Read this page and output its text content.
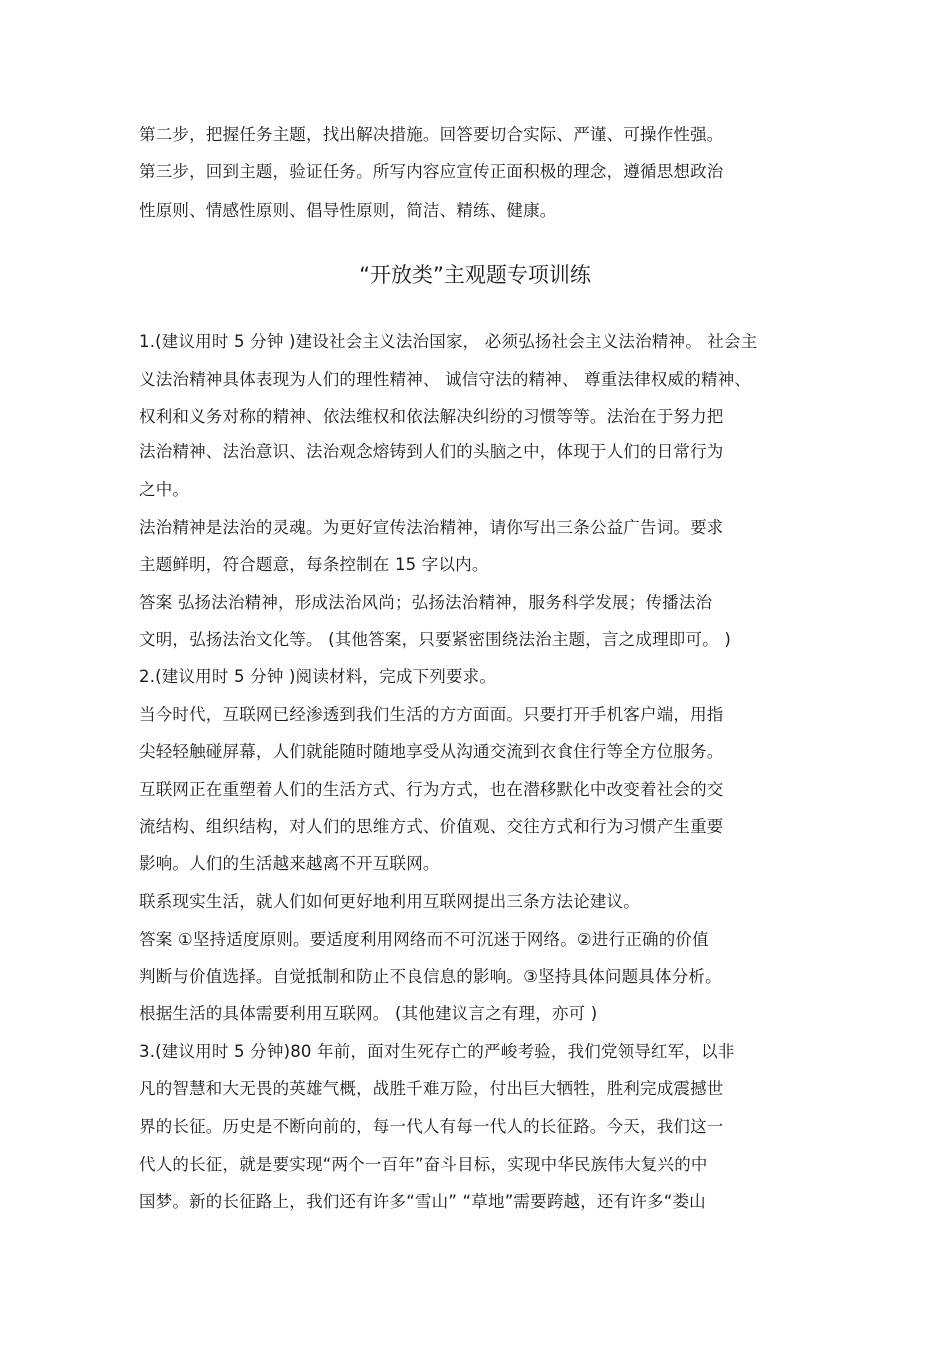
第二步，把握任务主题，找出解决措施。回答要切合实际、严谨、可操作性强。
第三步，回到主题，验证任务。所写内容应宣传正面积极的理念，遵循思想政治
性原则、情感性原则、倡导性原则，简洁、精练、健康。
“开放类”主观题专项训练
1.(建议用时 5 分钟 )建设社会主义法治国家， 必须弘扬社会主义法治精神。 社会主
义法治精神具体表现为人们的理性精神、 诚信守法的精神、 尊重法律权威的精神、
权利和义务对称的精神、依法维权和依法解决纠纷的习惯等等。法治在于努力把
法治精神、法治意识、法治观念熔铸到人们的头脑之中，体现于人们的日常行为
之中。
法治精神是法治的灵魂。为更好宣传法治精神，请你写出三条公益广告词。要求
主题鲜明，符合题意，每条控制在 15 字以内。
答案 弘扬法治精神，形成法治风尚；弘扬法治精神，服务科学发展；传播法治
文明，弘扬法治文化等。 (其他答案，只要紧密围绕法治主题，言之成理即可。 )
2.(建议用时 5 分钟 )阅读材料，完成下列要求。
当今时代，互联网已经渗透到我们生活的方方面面。只要打开手机客户端，用指
尖轻轻触碰屏幕，人们就能随时随地享受从沟通交流到衣食住行等全方位服务。
互联网正在重塑着人们的生活方式、行为方式，也在潜移默化中改变着社会的交
流结构、组织结构，对人们的思维方式、价值观、交往方式和行为习惯产生重要
影响。人们的生活越来越离不开互联网。
联系现实生活，就人们如何更好地利用互联网提出三条方法论建议。
答案 ①坚持适度原则。要适度利用网络而不可沉迷于网络。②进行正确的价值
判断与价值选择。自觉抵制和防止不良信息的影响。③坚持具体问题具体分析。
根据生活的具体需要利用互联网。 (其他建议言之有理，亦可 )
3.(建议用时 5 分钟)80 年前，面对生死存亡的严峻考验，我们党领导红军，以非
凡的智慧和大无畏的英雄气概，战胜千难万险，付出巨大牺牲，胜利完成震撼世
界的长征。历史是不断向前的，每一代人有每一代人的长征路。今天，我们这一
代人的长征，就是要实现“两个一百年”奋斗目标，实现中华民族伟大复兴的中
国梦。新的长征路上，我们还有许多“雪山” “草地”需要跨越，还有许多“娄山
